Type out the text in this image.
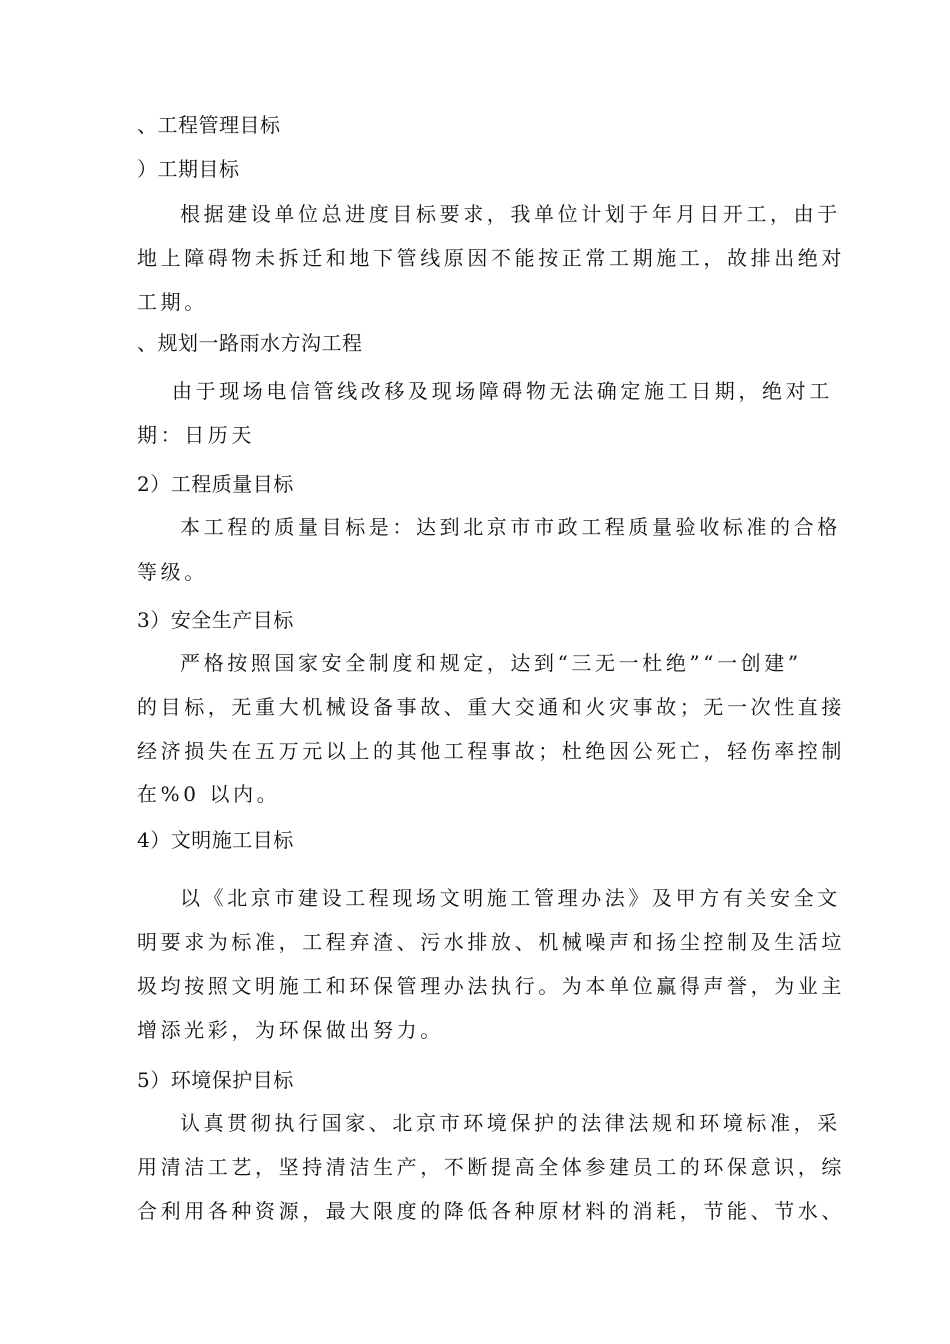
、工程管理目标
）工期目标
根据建设单位总进度目标要求，我单位计划于年月日开工，由于
地上障碍物未拆迁和地下管线原因不能按正常工期施工，故排出绝对
工期。
、规划一路雨水方沟工程
由于现场电信管线改移及现场障碍物无法确定施工日期，绝对工
期：日历天
2）工程质量目标
本工程的质量目标是：达到北京市市政工程质量验收标准的合格
等级。
3）安全生产目标
严格按照国家安全制度和规定，达到“三无一杜绝”“一创建”
的目标，无重大机械设备事故、重大交通和火灾事故；无一次性直接
经济损失在五万元以上的其他工程事故；杜绝因公死亡，轻伤率控制
在%0 以内。
4）文明施工目标
以《北京市建设工程现场文明施工管理办法》及甲方有关安全文
明要求为标准，工程弃渣、污水排放、机械噪声和扬尘控制及生活垃
圾均按照文明施工和环保管理办法执行。为本单位赢得声誉，为业主
增添光彩，为环保做出努力。
5）环境保护目标
认真贯彻执行国家、北京市环境保护的法律法规和环境标准，采
用清洁工艺，坚持清洁生产，不断提高全体参建员工的环保意识，综
合利用各种资源，最大限度的降低各种原材料的消耗，节能、节水、
